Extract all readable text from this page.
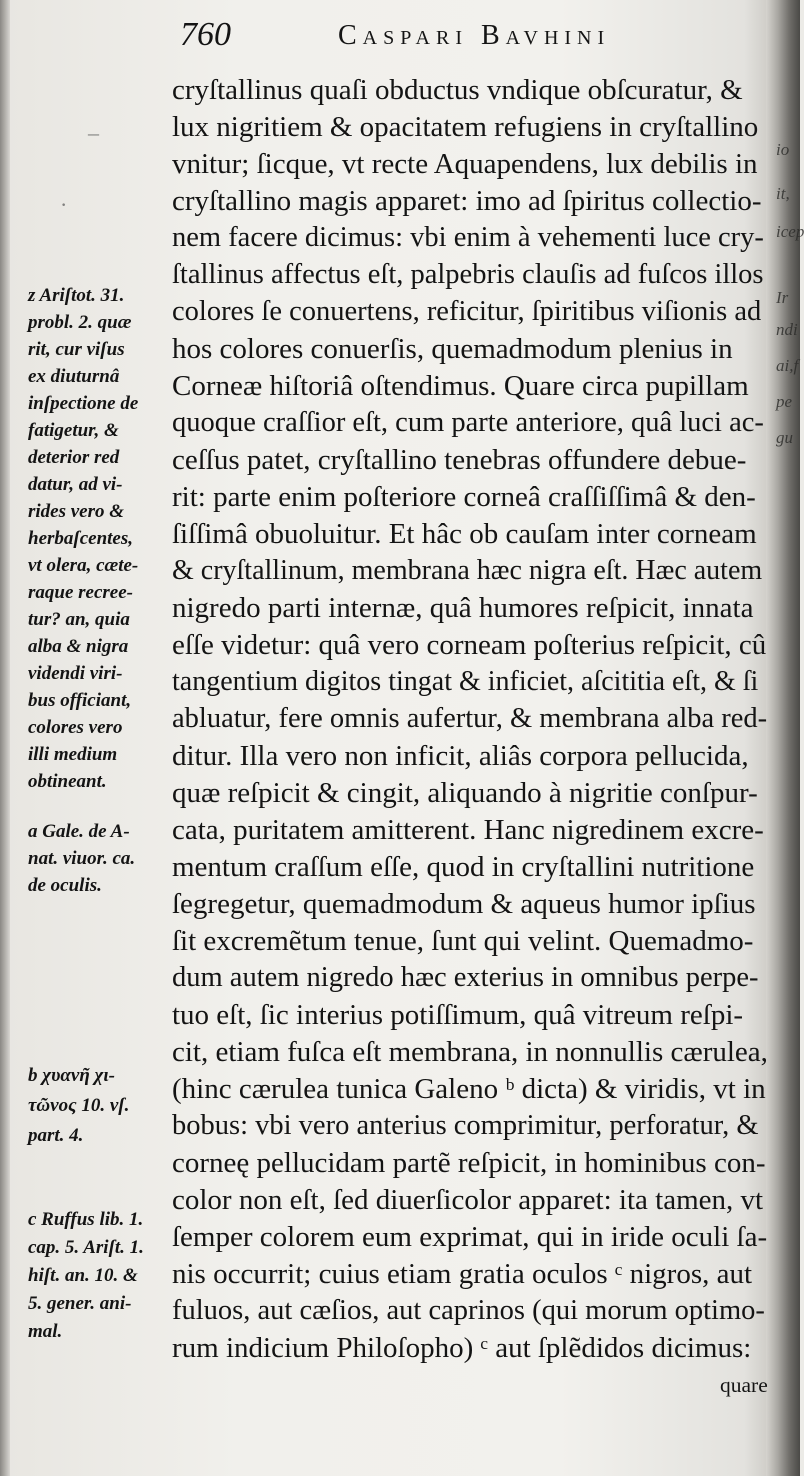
io
it,
icep
Ir
ndi
ai,f
pe
gu
760	Caspari Bavhini
cryſtallinus quaſi obductus vndique obſcuratur, &
lux nigritiem & opacitatem refugiens in cryſtallino
vnitur; ſicque, vt recte Aquapendens, lux debilis in
cryſtallino magis apparet: imo ad ſpiritus collectio-
nem facere dicimus: vbi enim à vehementi luce cry-
ſtallinus affectus eſt, palpebris clauſis ad fuſcos illos
colores ſe conuertens, reficitur, ſpiritibus viſionis ad
hos colores conuerſis, quemadmodum plenius in
Corneæ hiſtoriâ oſtendimus. Quare circa pupillam
quoque craſſior eſt, cum parte anteriore, quâ luci ac-
ceſſus patet, cryſtallino tenebras offundere debue-
rit: parte enim poſteriore corneâ craſſiſſimâ & den-
ſiſſimâ obuoluitur. Et hâc ob cauſam inter corneam
& cryſtallinum, membrana hæc nigra eſt. Hæc autem
nigredo parti internæ, quâ humores reſpicit, innata
eſſe videtur: quâ vero corneam poſterius reſpicit, cû
tangentium digitos tingat & inficiet, aſcititia eſt, & ſi
abluatur, fere omnis aufertur, & membrana alba red-
ditur. Illa vero non inficit, aliâs corpora pellucida,
quæ reſpicit & cingit, aliquando à nigritie conſpur-
cata, puritatem amitterent. Hanc nigredinem excre-
mentum craſſum eſſe, quod in cryſtallini nutritione
ſegregetur, quemadmodum & aqueus humor ipſius
ſit excremẽtum tenue, ſunt qui velint. Quemadmo-
dum autem nigredo hæc exterius in omnibus perpe-
tuo eſt, ſic interius potiſſimum, quâ vitreum reſpi-
cit, etiam fuſca eſt membrana, in nonnullis cærulea,
(hinc cærulea tunica Galeno ᵇ dicta) & viridis, vt in
bobus: vbi vero anterius comprimitur, perforatur, &
corneę pellucidam partẽ reſpicit, in hominibus con-
color non eſt, ſed diuerſicolor apparet: ita tamen, vt
ſemper colorem eum exprimat, qui in iride oculi ſa-
nis occurrit; cuius etiam gratia oculos ᶜ nigros, aut
fuluos, aut cæſios, aut caprinos (qui morum optimo-
rum indicium Philoſopho) ᶜ aut ſplẽdidos dicimus:
quare
z Ariſtot. 31.
probl. 2. quæ
rit, cur viſus
ex diuturnâ
inſpectione de
fatigetur, &
deterior red
datur, ad vi-
rides vero &
herbaſcentes,
vt olera, cæte-
raque recree-
tur? an, quia
alba & nigra
videndi viri-
bus officiant,
colores vero
illi medium
obtineant.
a Gale. de A-
nat. viuor. ca.
de oculis.
b χυανῆ χι-
τῶνος 10. vſ.
part. 4.
c Ruffus lib. 1.
cap. 5. Ariſt. 1.
hiſt. an. 10. &
5. gener. ani-
mal.
–
·
